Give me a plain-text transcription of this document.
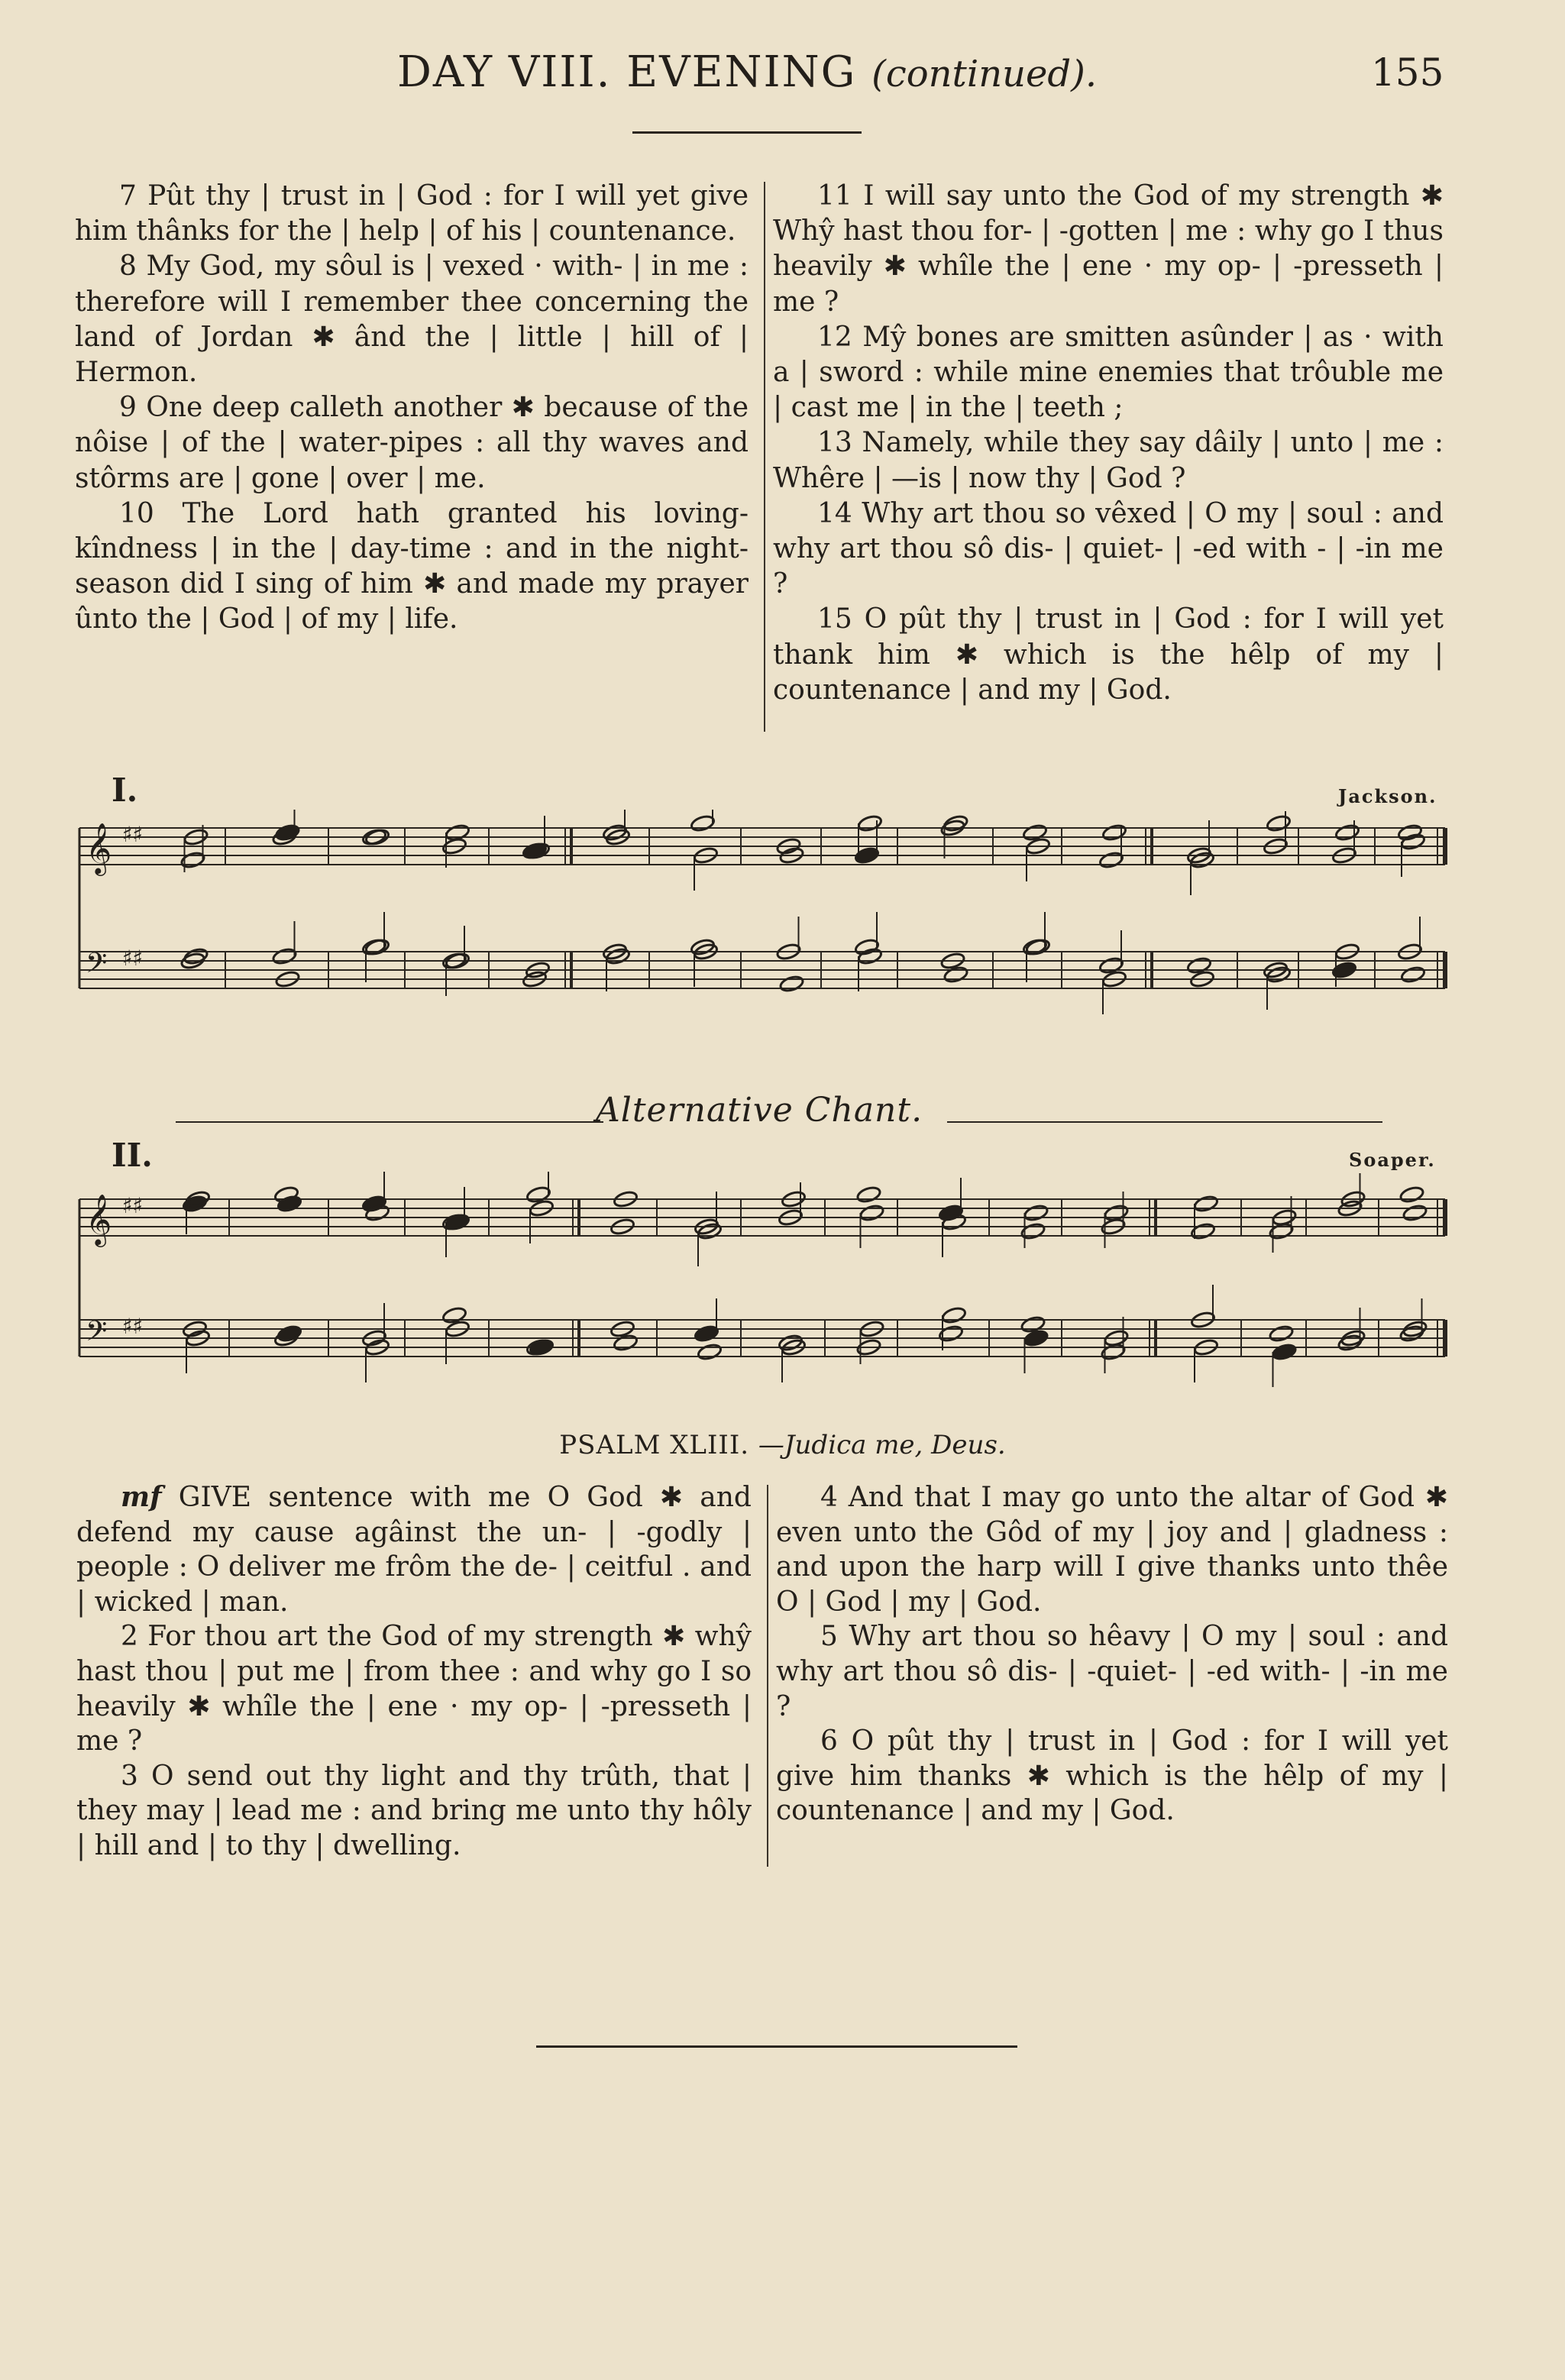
DAY VIII. EVENING (continued).	155

7 Pût thy | trust in | God : for I will yet give him thânks for the | help | of his | countenance.

8 My God, my sôul is | vexed · with- | in me : therefore will I remember thee concerning the land of Jordan ✱ ând the | little | hill of | Hermon.

9 One deep calleth another ✱ because of the nôise | of the | water-pipes : all thy waves and stôrms are | gone | over | me.

10 The Lord hath granted his loving-kîndness | in the | day-time : and in the night-season did I sing of him ✱ and made my prayer ûnto the | God | of my | life.

11 I will say unto the God of my strength ✱ Whŷ hast thou for- | -gotten | me : why go I thus heavily ✱ whîle the | ene · my op- | -presseth | me ?

12 Mŷ bones are smitten asûnder | as · with a | sword : while mine enemies that trôuble me | cast me | in the | teeth ;

13 Namely, while they say dâily | unto | me : Whêre | —is | now thy | God ?

14 Why art thou so vêxed | O my | soul : and why art thou sô dis- | quiet- | -ed with - | -in me ?

15 O pût thy | trust in | God : for I will yet thank him ✱ which is the hêlp of my | countenance | and my | God.

I.	Jackson.
𝄞 ♯♯
𝄢 ♯♯
Alternative Chant.
II.	Soaper.
𝄞 ♯♯
𝄢 ♯♯
PSALM XLIII. —Judica me, Deus.

mf GIVE sentence with me O God ✱ and defend my cause agâinst the un- | -godly | people : O deliver me frôm the de- | ceitful . and | wicked | man.

2 For thou art the God of my strength ✱ whŷ hast thou | put me | from thee : and why go I so heavily ✱ whîle the | ene · my op- | -presseth | me ?

3 O send out thy light and thy trûth, that | they may | lead me : and bring me unto thy hôly | hill and | to thy | dwelling.

4 And that I may go unto the altar of God ✱ even unto the Gôd of my | joy and | gladness : and upon the harp will I give thanks unto thêe O | God | my | God.

5 Why art thou so hêavy | O my | soul : and why art thou sô dis- | -quiet- | -ed with- | -in me ?

6 O pût thy | trust in | God : for I will yet give him thanks ✱ which is the hêlp of my | countenance | and my | God.
